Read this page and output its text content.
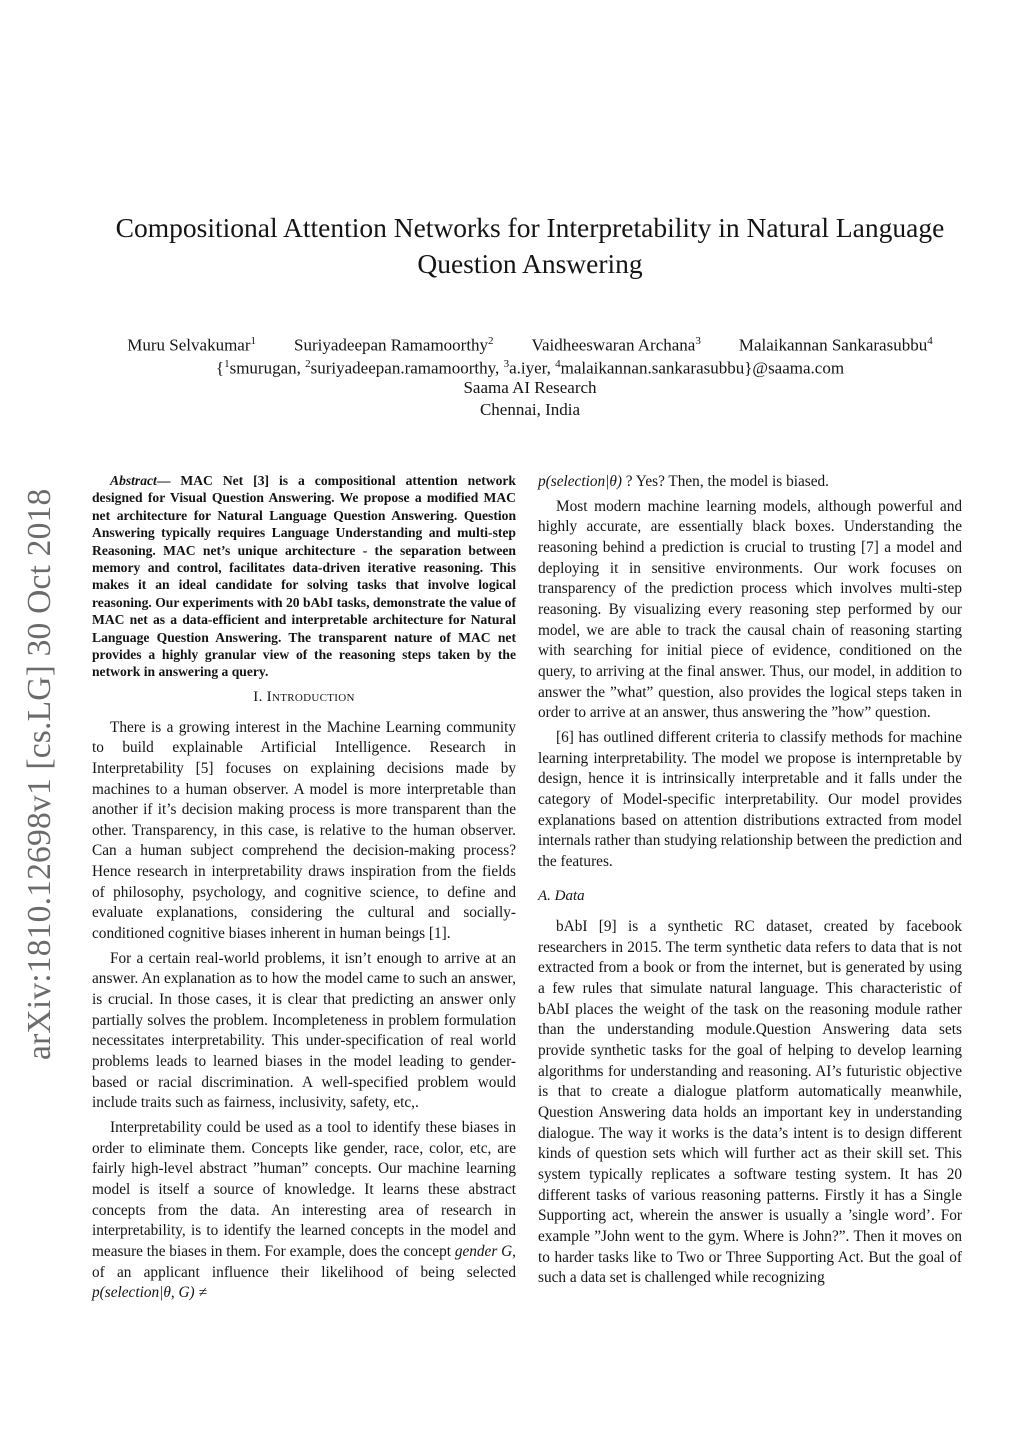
arXiv:1810.12698v1 [cs.LG] 30 Oct 2018
Compositional Attention Networks for Interpretability in Natural Language Question Answering
Muru Selvakumar$^1$ Suriyadeepan Ramamoorthy$^2$ Vaidheeswaran Archana$^3$ Malaikannan Sankarasubbu$^4$
{$^1$smurugan, $^2$suriyadeepan.ramamoorthy, $^3$a.iyer, $^4$malaikannan.sankarasubbu}@saama.com
Saama AI Research
Chennai, India

Abstract— MAC Net [3] is a compositional attention network designed for Visual Question Answering. We propose a modified MAC net architecture for Natural Language Question Answering. Question Answering typically requires Language Understanding and multi-step Reasoning. MAC net’s unique architecture - the separation between memory and control, facilitates data-driven iterative reasoning. This makes it an ideal candidate for solving tasks that involve logical reasoning. Our experiments with 20 bAbI tasks, demonstrate the value of MAC net as a data-efficient and interpretable architecture for Natural Language Question Answering. The transparent nature of MAC net provides a highly granular view of the reasoning steps taken by the network in answering a query.

I. Introduction

There is a growing interest in the Machine Learning community to build explainable Artificial Intelligence. Research in Interpretability [5] focuses on explaining decisions made by machines to a human observer. A model is more interpretable than another if it’s decision making process is more transparent than the other. Transparency, in this case, is relative to the human observer. Can a human subject comprehend the decision-making process? Hence research in interpretability draws inspiration from the fields of philosophy, psychology, and cognitive science, to define and evaluate explanations, considering the cultural and socially-conditioned cognitive biases inherent in human beings [1].

For a certain real-world problems, it isn’t enough to arrive at an answer. An explanation as to how the model came to such an answer, is crucial. In those cases, it is clear that predicting an answer only partially solves the problem. Incompleteness in problem formulation necessitates interpretability. This under-specification of real world problems leads to learned biases in the model leading to gender-based or racial discrimination. A well-specified problem would include traits such as fairness, inclusivity, safety, etc,.

Interpretability could be used as a tool to identify these biases in order to eliminate them. Concepts like gender, race, color, etc, are fairly high-level abstract ”human” concepts. Our machine learning model is itself a source of knowledge. It learns these abstract concepts from the data. An interesting area of research in interpretability, is to identify the learned concepts in the model and measure the biases in them. For example, does the concept gender G, of an applicant influence their likelihood of being selected p(selection|θ, G) ≠

p(selection|θ) ? Yes? Then, the model is biased.

Most modern machine learning models, although powerful and highly accurate, are essentially black boxes. Understanding the reasoning behind a prediction is crucial to trusting [7] a model and deploying it in sensitive environments. Our work focuses on transparency of the prediction process which involves multi-step reasoning. By visualizing every reasoning step performed by our model, we are able to track the causal chain of reasoning starting with searching for initial piece of evidence, conditioned on the query, to arriving at the final answer. Thus, our model, in addition to answer the ”what” question, also provides the logical steps taken in order to arrive at an answer, thus answering the ”how” question.

[6] has outlined different criteria to classify methods for machine learning interpretability. The model we propose is internpretable by design, hence it is intrinsically interpretable and it falls under the category of Model-specific interpretability. Our model provides explanations based on attention distributions extracted from model internals rather than studying relationship between the prediction and the features.

A. Data

bAbI [9] is a synthetic RC dataset, created by facebook researchers in 2015. The term synthetic data refers to data that is not extracted from a book or from the internet, but is generated by using a few rules that simulate natural language. This characteristic of bAbI places the weight of the task on the reasoning module rather than the understanding module.Question Answering data sets provide synthetic tasks for the goal of helping to develop learning algorithms for understanding and reasoning. AI’s futuristic objective is that to create a dialogue platform automatically meanwhile, Question Answering data holds an important key in understanding dialogue. The way it works is the data’s intent is to design different kinds of question sets which will further act as their skill set. This system typically replicates a software testing system. It has 20 different tasks of various reasoning patterns. Firstly it has a Single Supporting act, wherein the answer is usually a ’single word’. For example ”John went to the gym. Where is John?”. Then it moves on to harder tasks like to Two or Three Supporting Act. But the goal of such a data set is challenged while recognizing
